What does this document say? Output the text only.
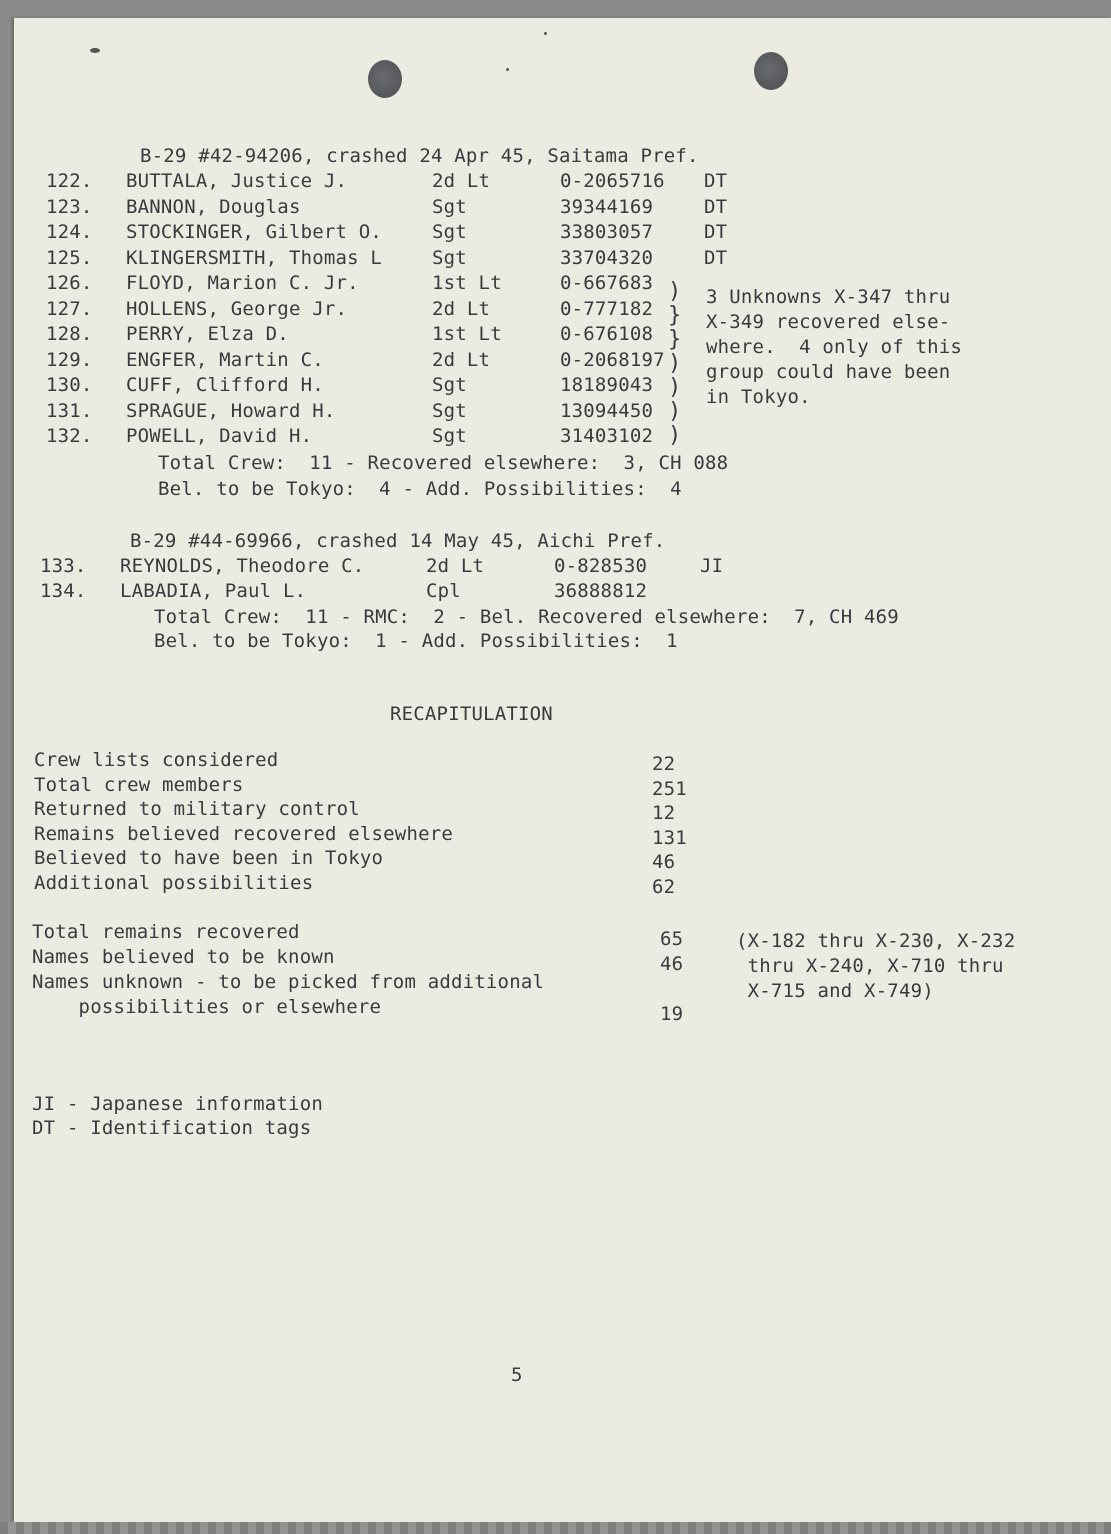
B-29 #42-94206, crashed 24 Apr 45, Saitama Pref.
122. BUTTALA, Justice J.	2d Lt	0-2065716 DT
123. BANNON, Douglas	Sgt	39344169	DT
124. STOCKINGER, Gilbert O.	Sgt	33803057	DT
125. KLINGERSMITH, Thomas L	Sgt	33704320	DT
126. FLOYD, Marion C. Jr.	1st Lt	0-667683
127. HOLLENS, George Jr.	2d Lt	0-777182
128. PERRY, Elza D.	1st Lt	0-676108
129. ENGFER, Martin C.	2d Lt	0-2068197
130. CUFF, Clifford H.	Sgt	18189043
131. SPRAGUE, Howard H.	Sgt	13094450
132. POWELL, David H.	Sgt	31403102
)
}
}
)
)
)
)
3 Unknowns X-347 thru
X-349 recovered else-
where.  4 only of this
group could have been
in Tokyo.
Total Crew:  11 - Recovered elsewhere:  3, CH 088
Bel. to be Tokyo:  4 - Add. Possibilities:  4
B-29 #44-69966, crashed 14 May 45, Aichi Pref.
133. REYNOLDS, Theodore C.	2d Lt	0-828530	JI
134. LABADIA, Paul L.	Cpl	36888812
Total Crew:  11 - RMC:  2 - Bel. Recovered elsewhere:  7, CH 469
Bel. to be Tokyo:  1 - Add. Possibilities:  1
RECAPITULATION
Crew lists considered	22
Total crew members	251
Returned to military control	12
Remains believed recovered elsewhere	131
Believed to have been in Tokyo	46
Additional possibilities	62
Total remains recovered	65
Names believed to be known	46
Names unknown - to be picked from additional
possibilities or elsewhere	19
(X-182 thru X-230, X-232
thru X-240, X-710 thru
X-715 and X-749)
JI - Japanese information
DT - Identification tags
5
